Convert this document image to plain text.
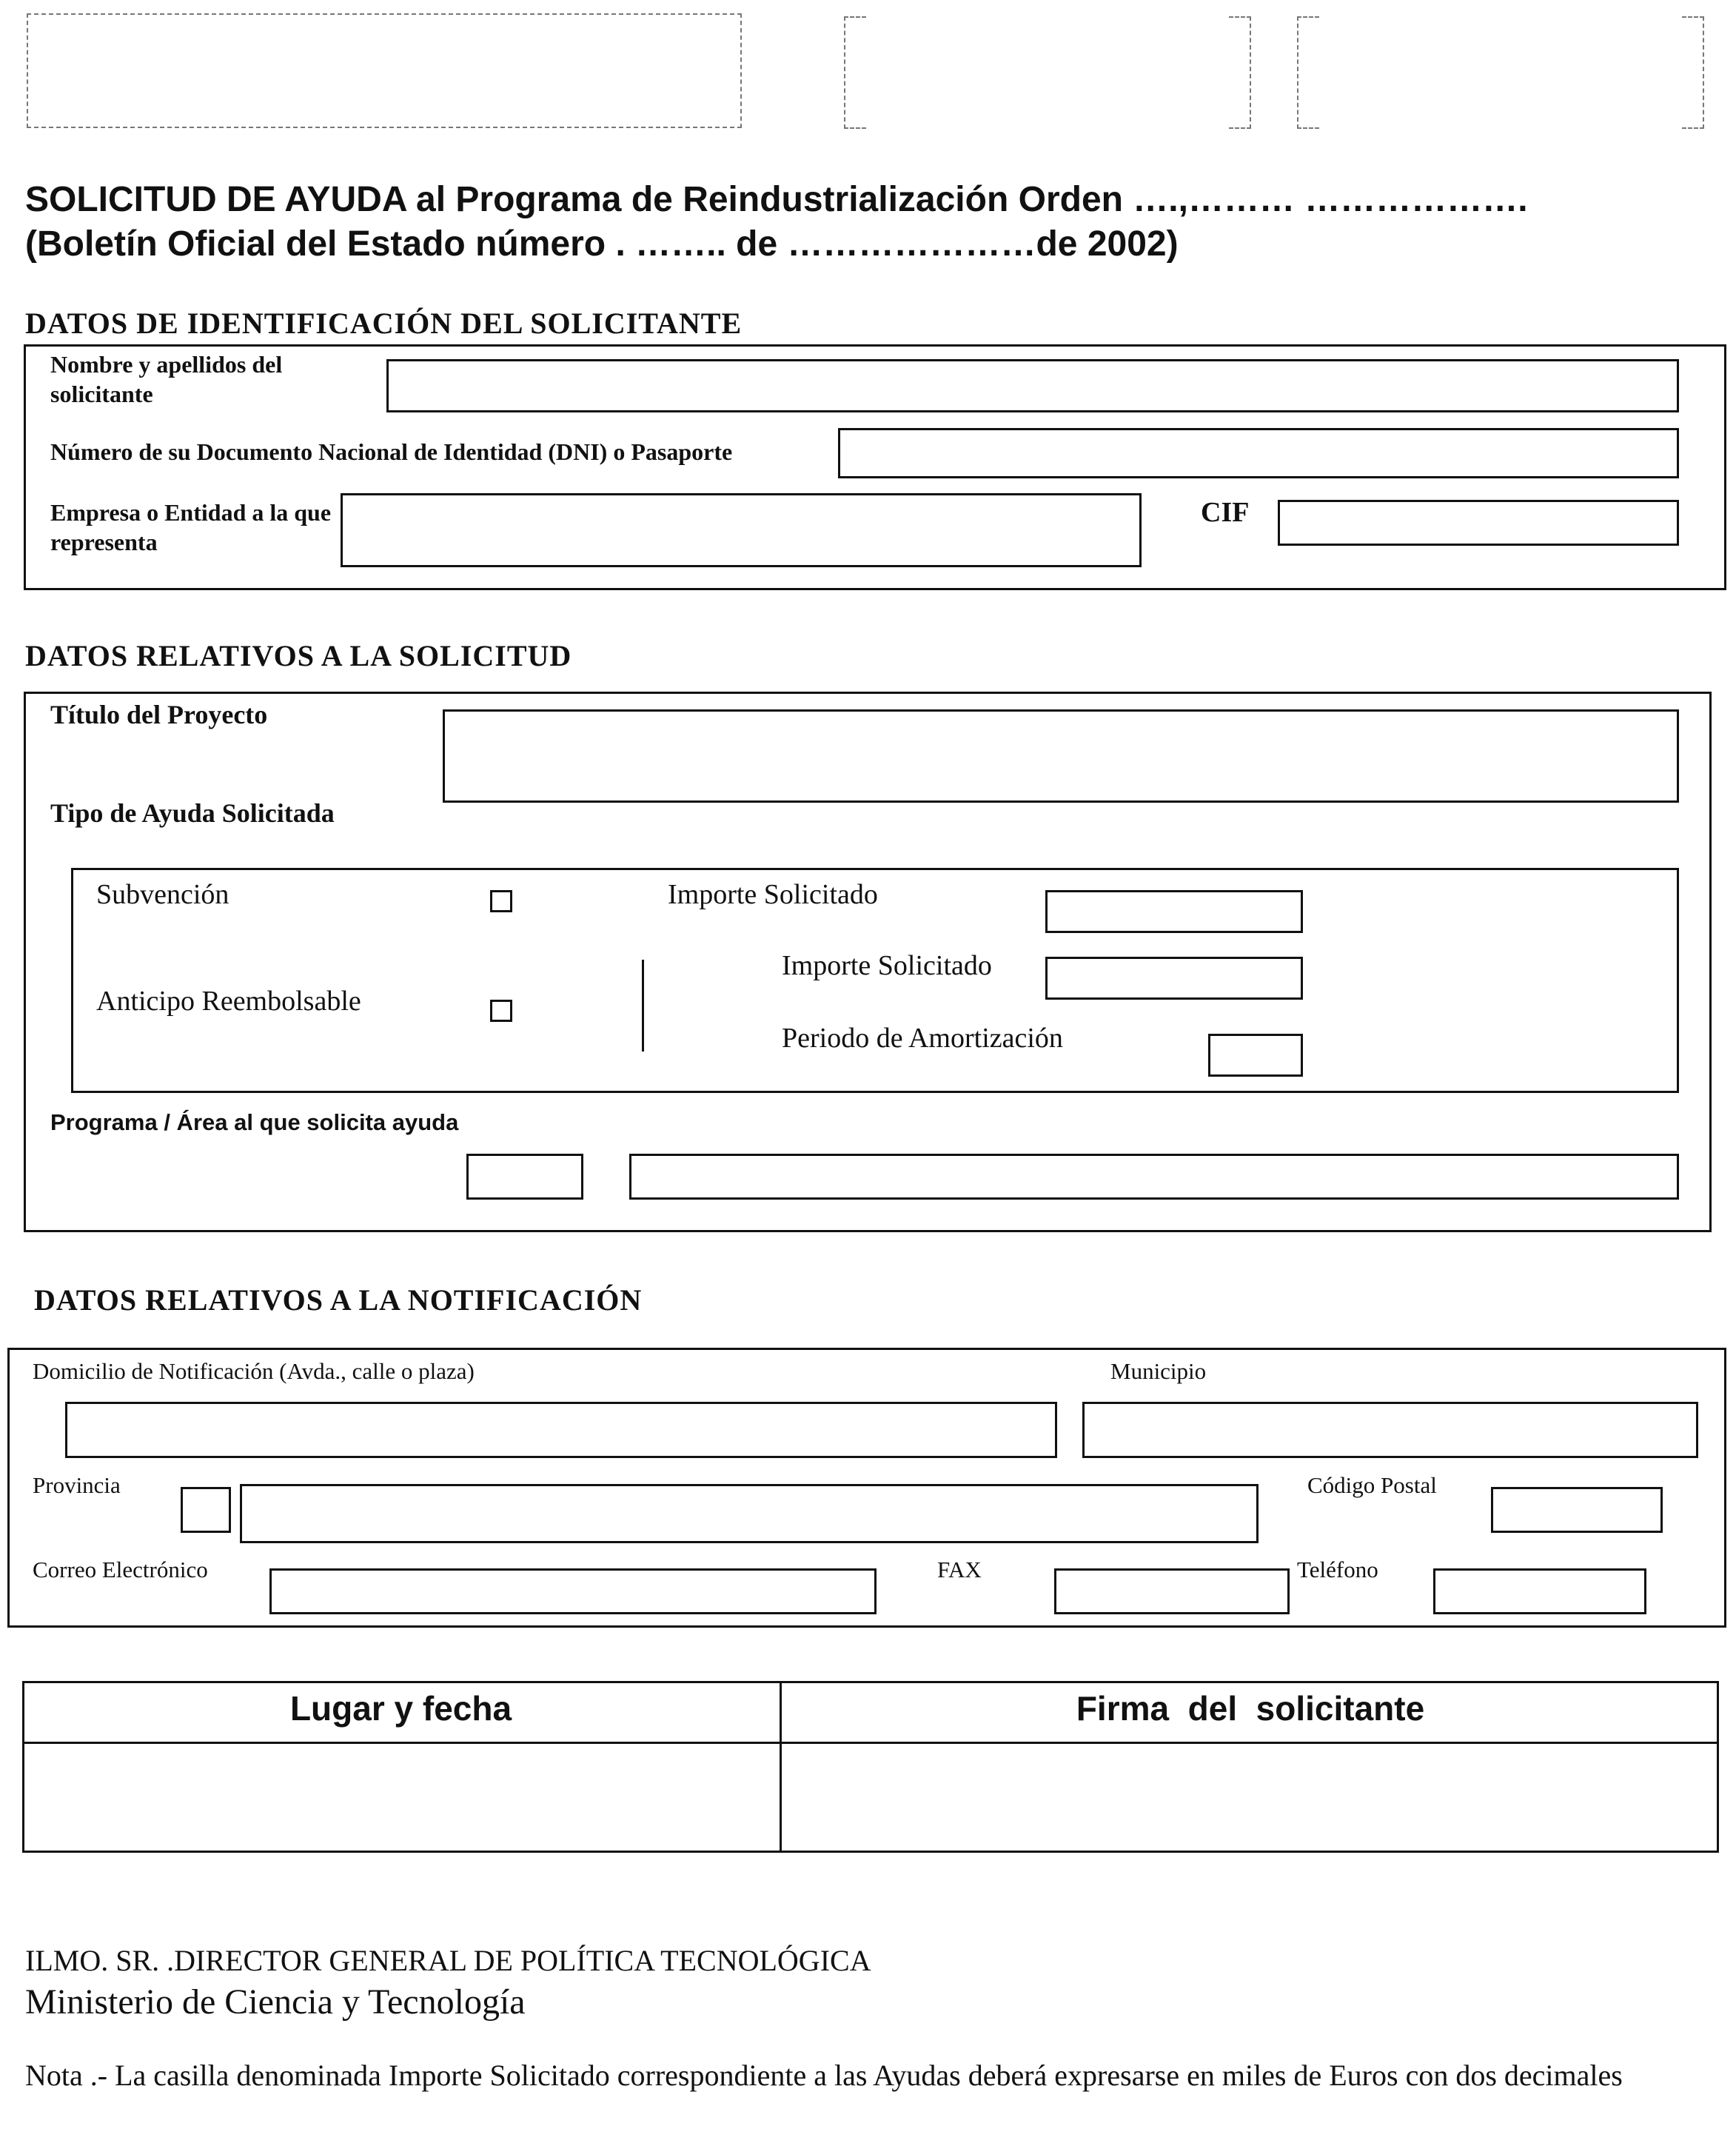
SOLICITUD DE AYUDA al Programa de Reindustrialización Orden ….,……… ……………….
(Boletín Oficial del Estado número . …….. de …………………de 2002)
DATOS DE IDENTIFICACIÓN DEL SOLICITANTE
Nombre y apellidos del solicitante
Número de su Documento Nacional de Identidad (DNI) o Pasaporte
Empresa o Entidad a la que representa
CIF
DATOS RELATIVOS A LA SOLICITUD
Título del Proyecto
Tipo de Ayuda Solicitada
Subvención	Importe Solicitado
Anticipo Reembolsable
Importe Solicitado
Periodo de Amortización
Programa / Área al que solicita ayuda
DATOS RELATIVOS A LA NOTIFICACIÓN
Domicilio de Notificación (Avda., calle o plaza)	Municipio
Provincia	Código Postal
Correo Electrónico	FAX	Teléfono
Lugar y fecha	Firma  del  solicitante
ILMO. SR. .DIRECTOR GENERAL DE POLÍTICA TECNOLÓGICA
Ministerio de Ciencia y Tecnología
Nota .- La casilla denominada Importe Solicitado correspondiente a las Ayudas deberá expresarse en miles de Euros con dos decimales
